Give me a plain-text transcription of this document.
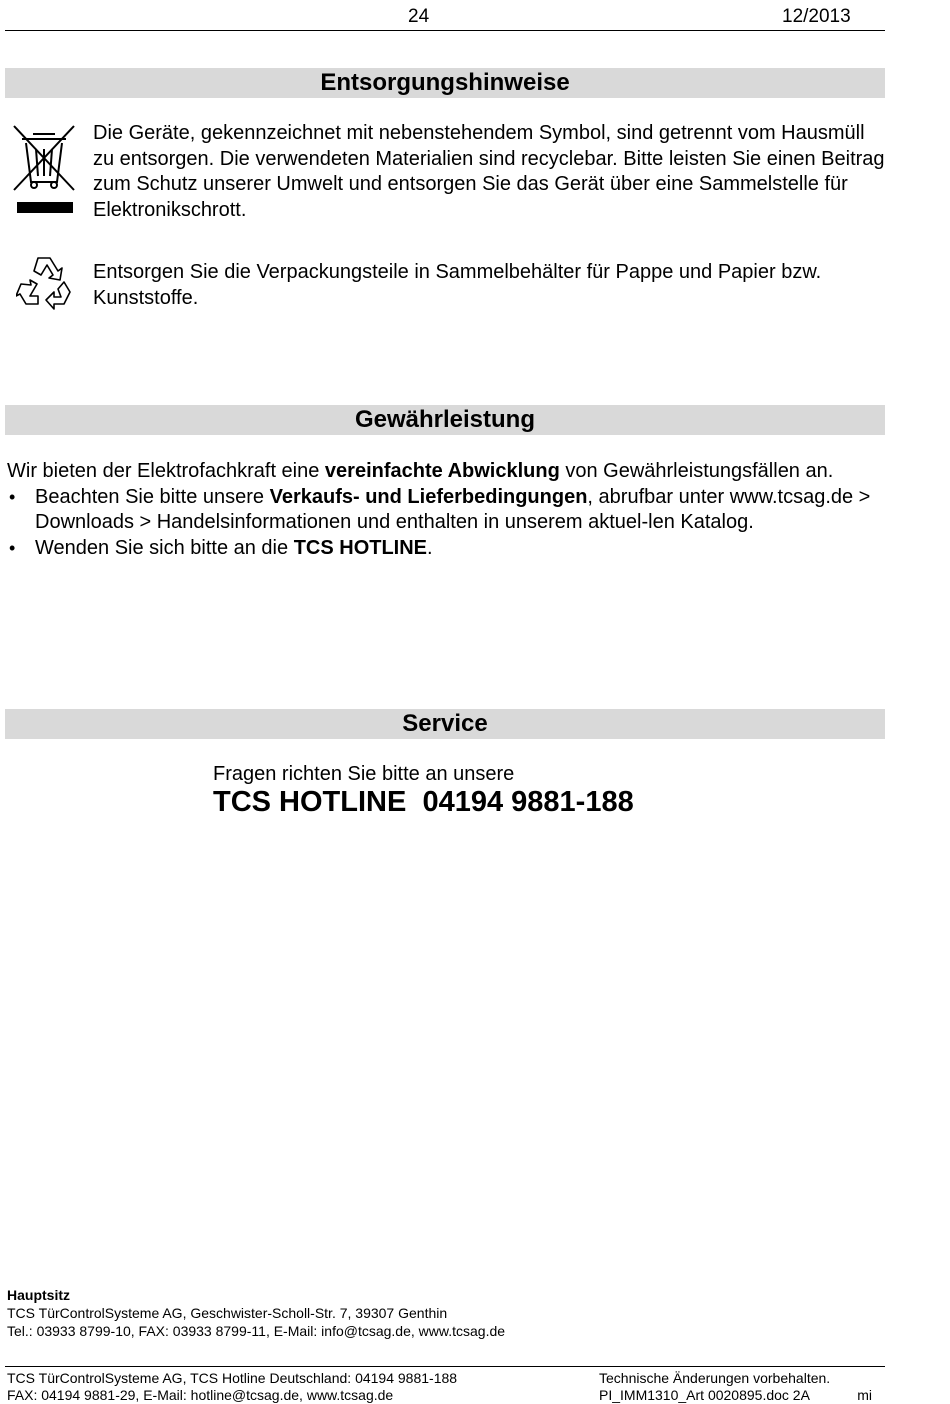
24	12/2013
Entsorgungshinweise
Die Geräte, gekennzeichnet mit nebenstehendem Symbol, sind getrennt vom Hausmüll zu entsorgen. Die verwendeten Materialien sind recyclebar. Bitte leisten Sie einen Beitrag zum Schutz unserer Umwelt und entsorgen Sie das Gerät über eine Sammelstelle für Elektronikschrott.
Entsorgen Sie die Verpackungsteile in Sammelbehälter für Pappe und Papier bzw. Kunststoffe.
Gewährleistung
Wir bieten der Elektrofachkraft eine vereinfachte Abwicklung von Gewährleistungsfällen an.
• Beachten Sie bitte unsere Verkaufs- und Lieferbedingungen, abrufbar unter www.tcsag.de > Downloads > Handelsinformationen und enthalten in unserem aktuel-len Katalog.
• Wenden Sie sich bitte an die TCS HOTLINE.
Service
Fragen richten Sie bitte an unsere
TCS HOTLINE  04194 9881-188
Hauptsitz
TCS TürControlSysteme AG, Geschwister-Scholl-Str. 7, 39307 Genthin
Tel.: 03933 8799-10, FAX: 03933 8799-11, E-Mail: info@tcsag.de, www.tcsag.de
TCS TürControlSysteme AG, TCS Hotline Deutschland: 04194 9881-188
FAX: 04194 9881-29, E-Mail: hotline@tcsag.de, www.tcsag.de
Technische Änderungen vorbehalten.
PI_IMM1310_Art 0020895.doc 2A	mi
